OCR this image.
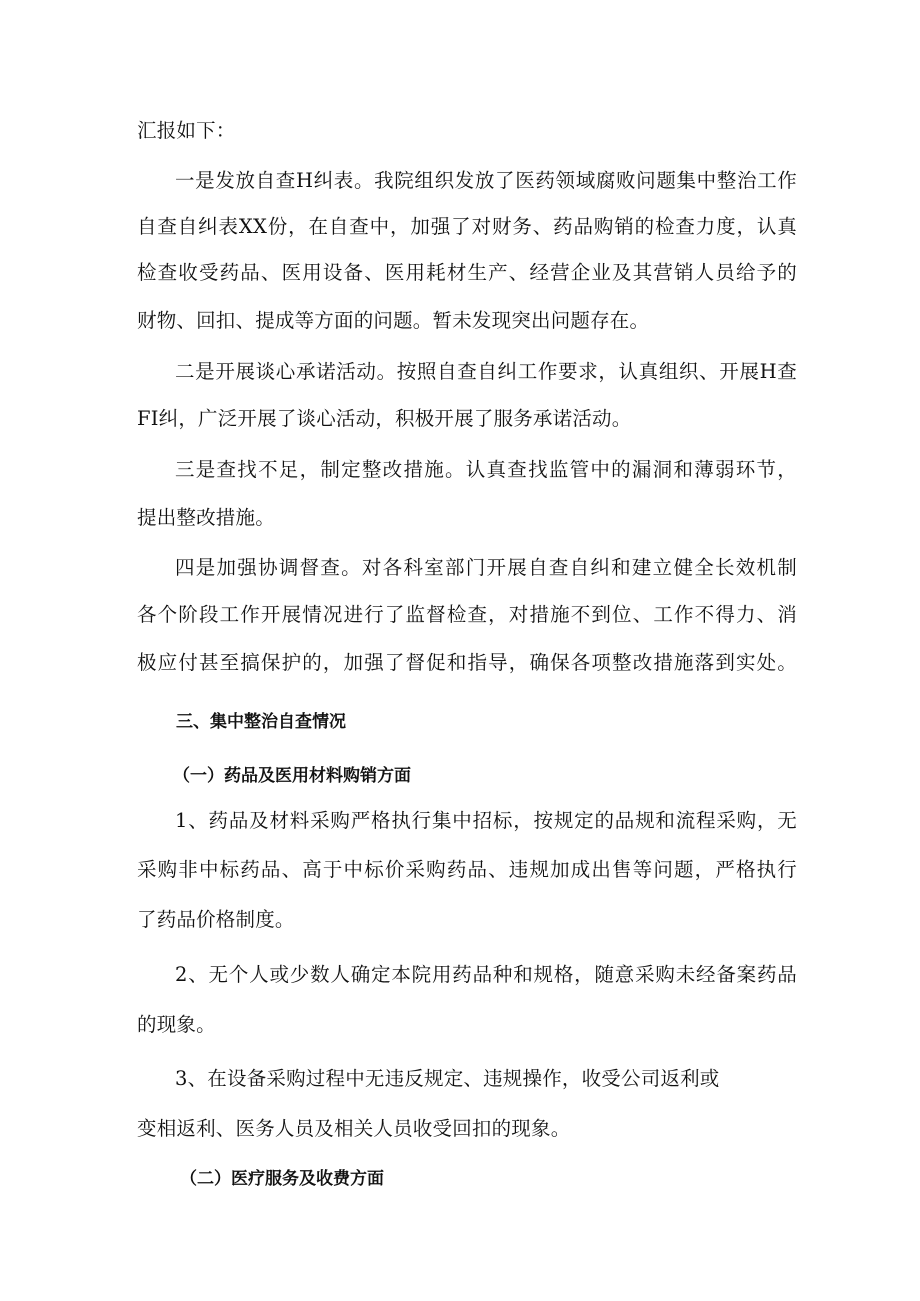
汇报如下：
一是发放自查H纠表。我院组织发放了医药领域腐败问题集中整治工作
自查自纠表XX份，在自查中，加强了对财务、药品购销的检查力度，认真
检查收受药品、医用设备、医用耗材生产、经营企业及其营销人员给予的
财物、回扣、提成等方面的问题。暂未发现突出问题存在。
二是开展谈心承诺活动。按照自查自纠工作要求，认真组织、开展H查
FI纠，广泛开展了谈心活动，积极开展了服务承诺活动。
三是查找不足，制定整改措施。认真查找监管中的漏洞和薄弱环节，
提出整改措施。
四是加强协调督查。对各科室部门开展自查自纠和建立健全长效机制
各个阶段工作开展情况进行了监督检查，对措施不到位、工作不得力、消
极应付甚至搞保护的，加强了督促和指导，确保各项整改措施落到实处。
三、集中整治自查情况
（一）药品及医用材料购销方面
1、药品及材料采购严格执行集中招标，按规定的品规和流程采购，无
采购非中标药品、高于中标价采购药品、违规加成出售等问题，严格执行
了药品价格制度。
2、无个人或少数人确定本院用药品种和规格，随意采购未经备案药品
的现象。
3、在设备采购过程中无违反规定、违规操作，收受公司返利或
变相返利、医务人员及相关人员收受回扣的现象。
（二）医疗服务及收费方面
